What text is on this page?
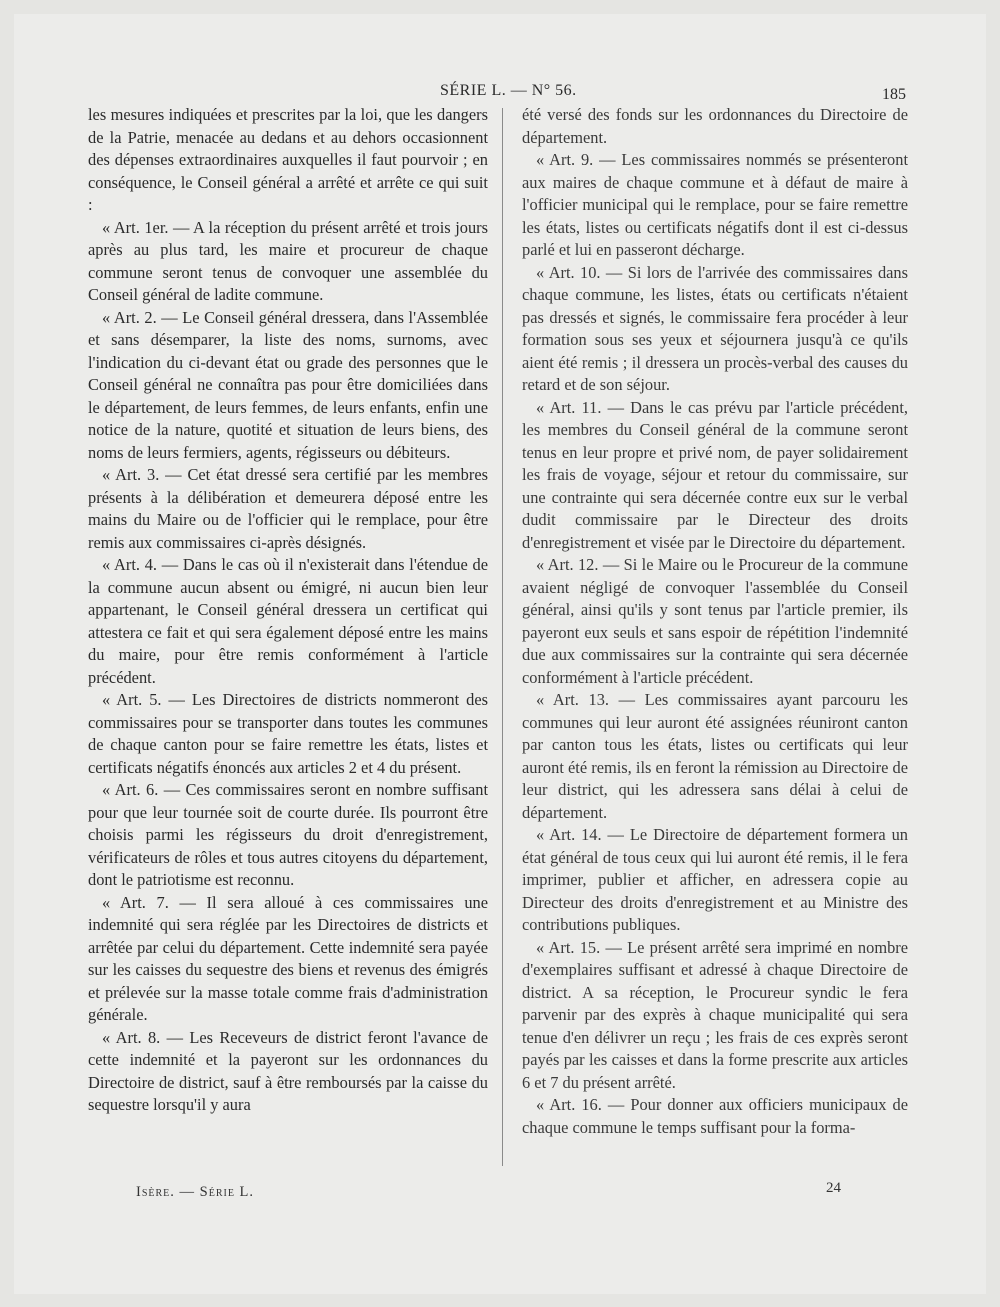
SÉRIE L. — N° 56.	185

les mesures indiquées et prescrites par la loi, que les dangers de la Patrie, menacée au dedans et au dehors occasionnent des dépenses extraordinaires auxquelles il faut pourvoir ; en conséquence, le Conseil général a arrêté et arrête ce qui suit :

« Art. 1er. — A la réception du présent arrêté et trois jours après au plus tard, les maire et procureur de chaque commune seront tenus de convoquer une assemblée du Conseil général de ladite commune.

« Art. 2. — Le Conseil général dressera, dans l'Assemblée et sans désemparer, la liste des noms, surnoms, avec l'indication du ci-devant état ou grade des personnes que le Conseil général ne connaîtra pas pour être domiciliées dans le département, de leurs femmes, de leurs enfants, enfin une notice de la nature, quotité et situation de leurs biens, des noms de leurs fermiers, agents, régisseurs ou débiteurs.

« Art. 3. — Cet état dressé sera certifié par les membres présents à la délibération et demeurera déposé entre les mains du Maire ou de l'officier qui le remplace, pour être remis aux commissaires ci-après désignés.

« Art. 4. — Dans le cas où il n'existerait dans l'étendue de la commune aucun absent ou émigré, ni aucun bien leur appartenant, le Conseil général dressera un certificat qui attestera ce fait et qui sera également déposé entre les mains du maire, pour être remis conformément à l'article précédent.

« Art. 5. — Les Directoires de districts nommeront des commissaires pour se transporter dans toutes les communes de chaque canton pour se faire remettre les états, listes et certificats négatifs énoncés aux articles 2 et 4 du présent.

« Art. 6. — Ces commissaires seront en nombre suffisant pour que leur tournée soit de courte durée. Ils pourront être choisis parmi les régisseurs du droit d'enregistrement, vérificateurs de rôles et tous autres citoyens du département, dont le patriotisme est reconnu.

« Art. 7. — Il sera alloué à ces commissaires une indemnité qui sera réglée par les Directoires de districts et arrêtée par celui du département. Cette indemnité sera payée sur les caisses du sequestre des biens et revenus des émigrés et prélevée sur la masse totale comme frais d'administration générale.

« Art. 8. — Les Receveurs de district feront l'avance de cette indemnité et la payeront sur les ordonnances du Directoire de district, sauf à être remboursés par la caisse du sequestre lorsqu'il y aura

été versé des fonds sur les ordonnances du Directoire de département.

« Art. 9. — Les commissaires nommés se présenteront aux maires de chaque commune et à défaut de maire à l'officier municipal qui le remplace, pour se faire remettre les états, listes ou certificats négatifs dont il est ci-dessus parlé et lui en passeront décharge.

« Art. 10. — Si lors de l'arrivée des commissaires dans chaque commune, les listes, états ou certificats n'étaient pas dressés et signés, le commissaire fera procéder à leur formation sous ses yeux et séjournera jusqu'à ce qu'ils aient été remis ; il dressera un procès-verbal des causes du retard et de son séjour.

« Art. 11. — Dans le cas prévu par l'article précédent, les membres du Conseil général de la commune seront tenus en leur propre et privé nom, de payer solidairement les frais de voyage, séjour et retour du commissaire, sur une contrainte qui sera décernée contre eux sur le verbal dudit commissaire par le Directeur des droits d'enregistrement et visée par le Directoire du département.

« Art. 12. — Si le Maire ou le Procureur de la commune avaient négligé de convoquer l'assemblée du Conseil général, ainsi qu'ils y sont tenus par l'article premier, ils payeront eux seuls et sans espoir de répétition l'indemnité due aux commissaires sur la contrainte qui sera décernée conformément à l'article précédent.

« Art. 13. — Les commissaires ayant parcouru les communes qui leur auront été assignées réuniront canton par canton tous les états, listes ou certificats qui leur auront été remis, ils en feront la rémission au Directoire de leur district, qui les adressera sans délai à celui de département.

« Art. 14. — Le Directoire de département formera un état général de tous ceux qui lui auront été remis, il le fera imprimer, publier et afficher, en adressera copie au Directeur des droits d'enregistrement et au Ministre des contributions publiques.

« Art. 15. — Le présent arrêté sera imprimé en nombre d'exemplaires suffisant et adressé à chaque Directoire de district. A sa réception, le Procureur syndic le fera parvenir par des exprès à chaque municipalité qui sera tenue d'en délivrer un reçu ; les frais de ces exprès seront payés par les caisses et dans la forme prescrite aux articles 6 et 7 du présent arrêté.

« Art. 16. — Pour donner aux officiers municipaux de chaque commune le temps suffisant pour la forma-

Isère. — Série L.	24
